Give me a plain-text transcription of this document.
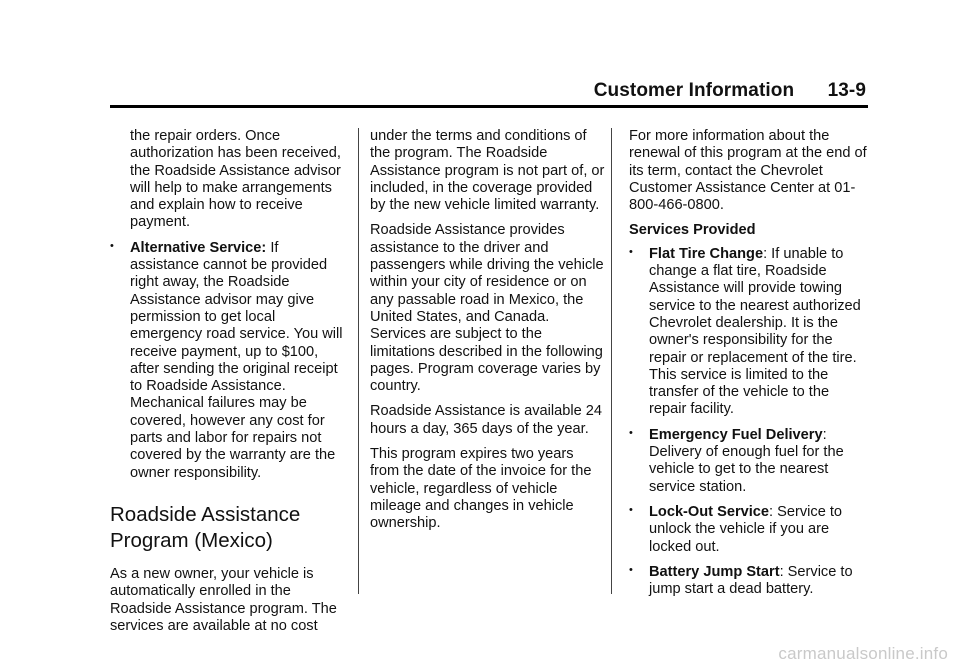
Customer Information 13-9

the repair orders. Once authorization has been received, the Roadside Assistance advisor will help to make arrangements and explain how to receive payment.

• Alternative Service: If assistance cannot be provided right away, the Roadside Assistance advisor may give permission to get local emergency road service. You will receive payment, up to $100, after sending the original receipt to Roadside Assistance. Mechanical failures may be covered, however any cost for parts and labor for repairs not covered by the warranty are the owner responsibility.
Roadside Assistance Program (Mexico)

As a new owner, your vehicle is automatically enrolled in the Roadside Assistance program. The services are available at no cost

under the terms and conditions of the program. The Roadside Assistance program is not part of, or included, in the coverage provided by the new vehicle limited warranty.

Roadside Assistance provides assistance to the driver and passengers while driving the vehicle within your city of residence or on any passable road in Mexico, the United States, and Canada. Services are subject to the limitations described in the following pages. Program coverage varies by country.

Roadside Assistance is available 24 hours a day, 365 days of the year.

This program expires two years from the date of the invoice for the vehicle, regardless of vehicle mileage and changes in vehicle ownership.

For more information about the renewal of this program at the end of its term, contact the Chevrolet Customer Assistance Center at 01-800-466-0800.

Services Provided

• Flat Tire Change: If unable to change a flat tire, Roadside Assistance will provide towing service to the nearest authorized Chevrolet dealership. It is the owner's responsibility for the repair or replacement of the tire. This service is limited to the transfer of the vehicle to the repair facility.
• Emergency Fuel Delivery: Delivery of enough fuel for the vehicle to get to the nearest service station.
• Lock-Out Service: Service to unlock the vehicle if you are locked out.
• Battery Jump Start: Service to jump start a dead battery.
carmanualsonline.info
